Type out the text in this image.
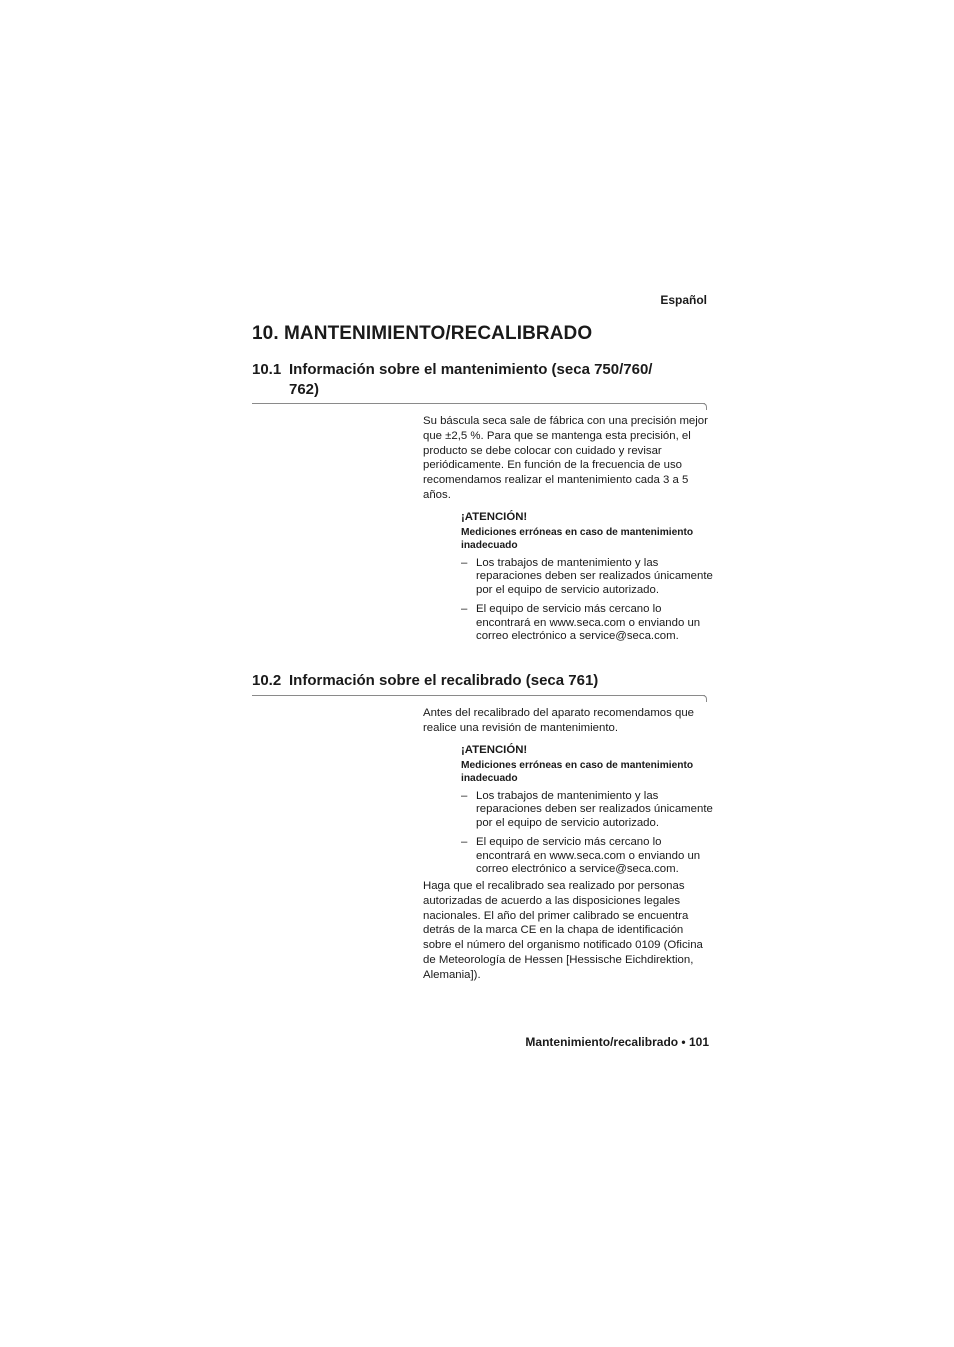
Español
10. MANTENIMIENTO/RECALIBRADO
10.1 Información sobre el mantenimiento (seca 750/760/
762)
Su báscula seca sale de fábrica con una precisión mejor que ±2,5 %. Para que se mantenga esta precisión, el producto se debe colocar con cuidado y revisar periódicamente. En función de la frecuencia de uso recomendamos realizar el mantenimiento cada 3 a 5 años.
¡ATENCIÓN!
Mediciones erróneas en caso de mantenimiento inadecuado
– Los trabajos de mantenimiento y las reparaciones deben ser realizados únicamente por el equipo de servicio autorizado.
– El equipo de servicio más cercano lo encontrará en www.seca.com o enviando un correo electrónico a service@seca.com.
10.2 Información sobre el recalibrado (seca 761)
Antes del recalibrado del aparato recomendamos que realice una revisión de mantenimiento.
¡ATENCIÓN!
Mediciones erróneas en caso de mantenimiento inadecuado
– Los trabajos de mantenimiento y las reparaciones deben ser realizados únicamente por el equipo de servicio autorizado.
– El equipo de servicio más cercano lo encontrará en www.seca.com o enviando un correo electrónico a service@seca.com.
Haga que el recalibrado sea realizado por personas autorizadas de acuerdo a las disposiciones legales nacionales. El año del primer calibrado se encuentra detrás de la marca CE en la chapa de identificación sobre el número del organismo notificado 0109 (Oficina de Meteorología de Hessen [Hessische Eichdirektion, Alemania]).
Mantenimiento/recalibrado • 101
